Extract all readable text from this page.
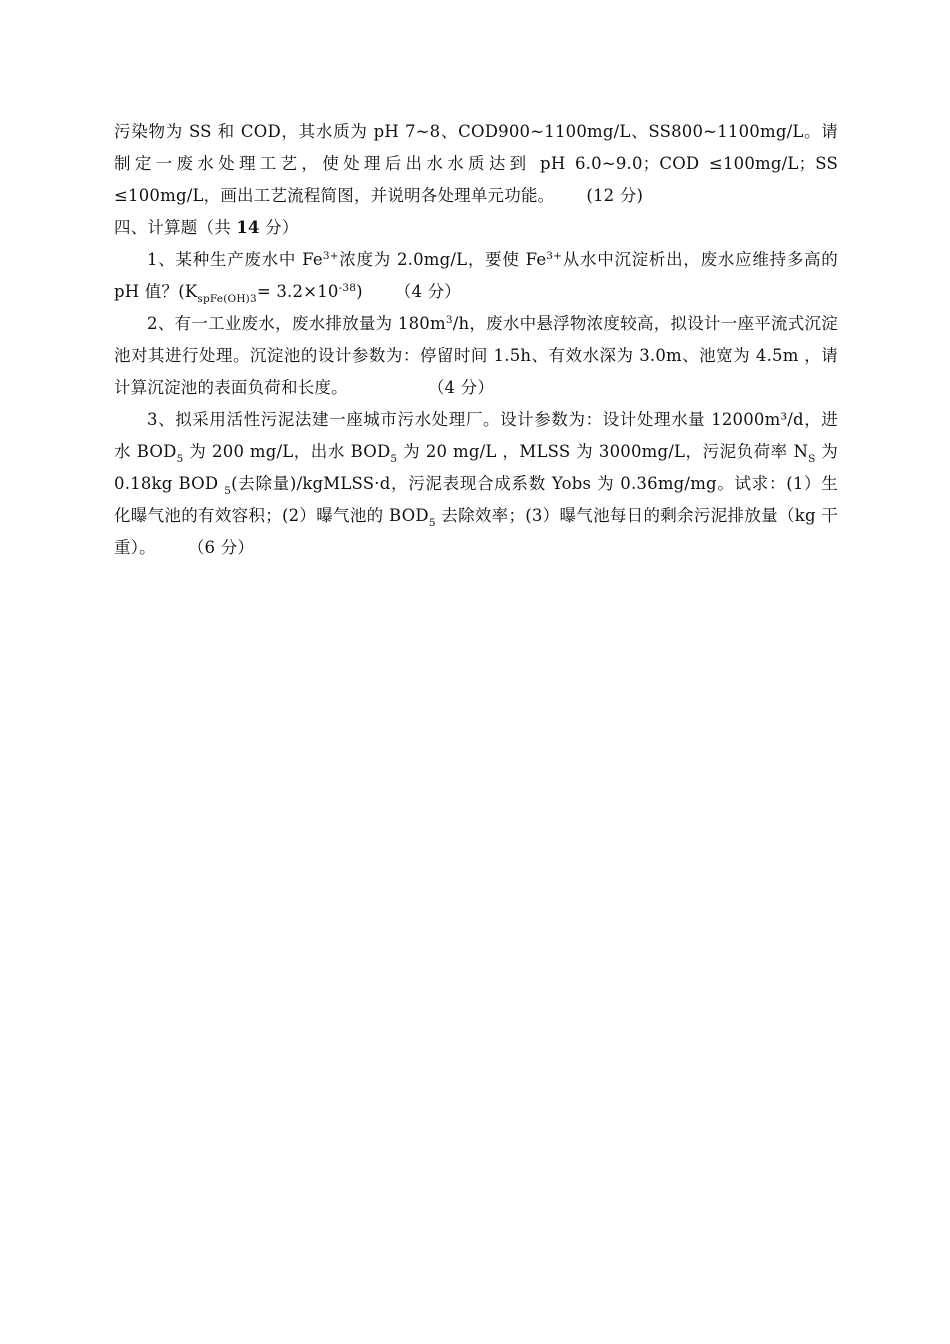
污染物为 SS 和 COD，其水质为 pH 7~8、COD900~1100mg/L、SS800~1100mg/L。请制定一废水处理工艺，使处理后出水水质达到 pH 6.0~9.0；COD ≤100mg/L；SS ≤100mg/L，画出工艺流程简图，并说明各处理单元功能。 (12 分)

四、计算题（共 14 分）

1、某种生产废水中 $Fe^{3+}$浓度为 2.0mg/L，要使 $Fe^{3+}$从水中沉淀析出，废水应维持多高的 pH 值？$(K_{spFe(OH)3}= 3.2\times 10^{-38})$ （4 分）

2、有一工业废水，废水排放量为 $180m^3/h$，废水中悬浮物浓度较高，拟设计一座平流式沉淀池对其进行处理。沉淀池的设计参数为：停留时间 1.5h、有效水深为 3.0m、池宽为 4.5m ，请计算沉淀池的表面负荷和长度。	（4 分）

3、拟采用活性污泥法建一座城市污水处理厂。设计参数为：设计处理水量 12000m³/d，进水 $BOD_5$ 为 200 mg/L，出水 $BOD_5$ 为 20 mg/L ，MLSS 为 3000mg/L，污泥负荷率 $N_S$ 为 0.18kg BOD $_5$(去除量)/kgMLSS·d，污泥表现合成系数 Yobs 为 0.36mg/mg。试求：(1）生化曝气池的有效容积；(2）曝气池的 $BOD_5$ 去除效率；(3）曝气池每日的剩余污泥排放量（kg 干重）。 （6 分）
